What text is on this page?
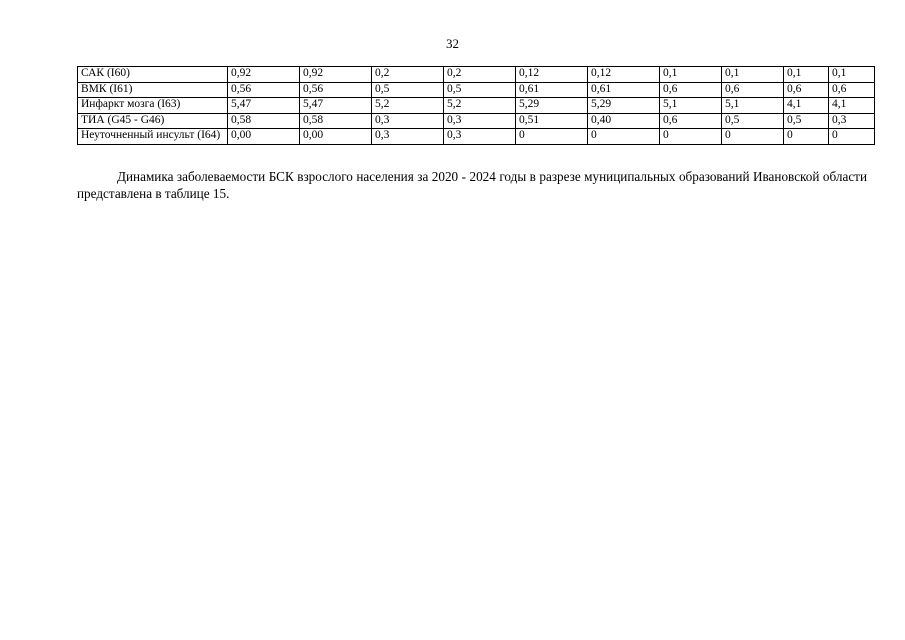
32
САК (I60)	0,92	0,92	0,2	0,2	0,12	0,12	0,1	0,1	0,1	0,1
ВМК (I61)	0,56	0,56	0,5	0,5	0,61	0,61	0,6	0,6	0,6	0,6
Инфаркт мозга (I63)	5,47	5,47	5,2	5,2	5,29	5,29	5,1	5,1	4,1	4,1
ТИА (G45 - G46)	0,58	0,58	0,3	0,3	0,51	0,40	0,6	0,5	0,5	0,3
Неуточненный инсульт (I64)	0,00	0,00	0,3	0,3	0	0	0	0	0	0
Динамика заболеваемости БСК взрослого населения за 2020 - 2024 годы в разрезе муниципальных образований Ивановской области представлена в таблице 15.
